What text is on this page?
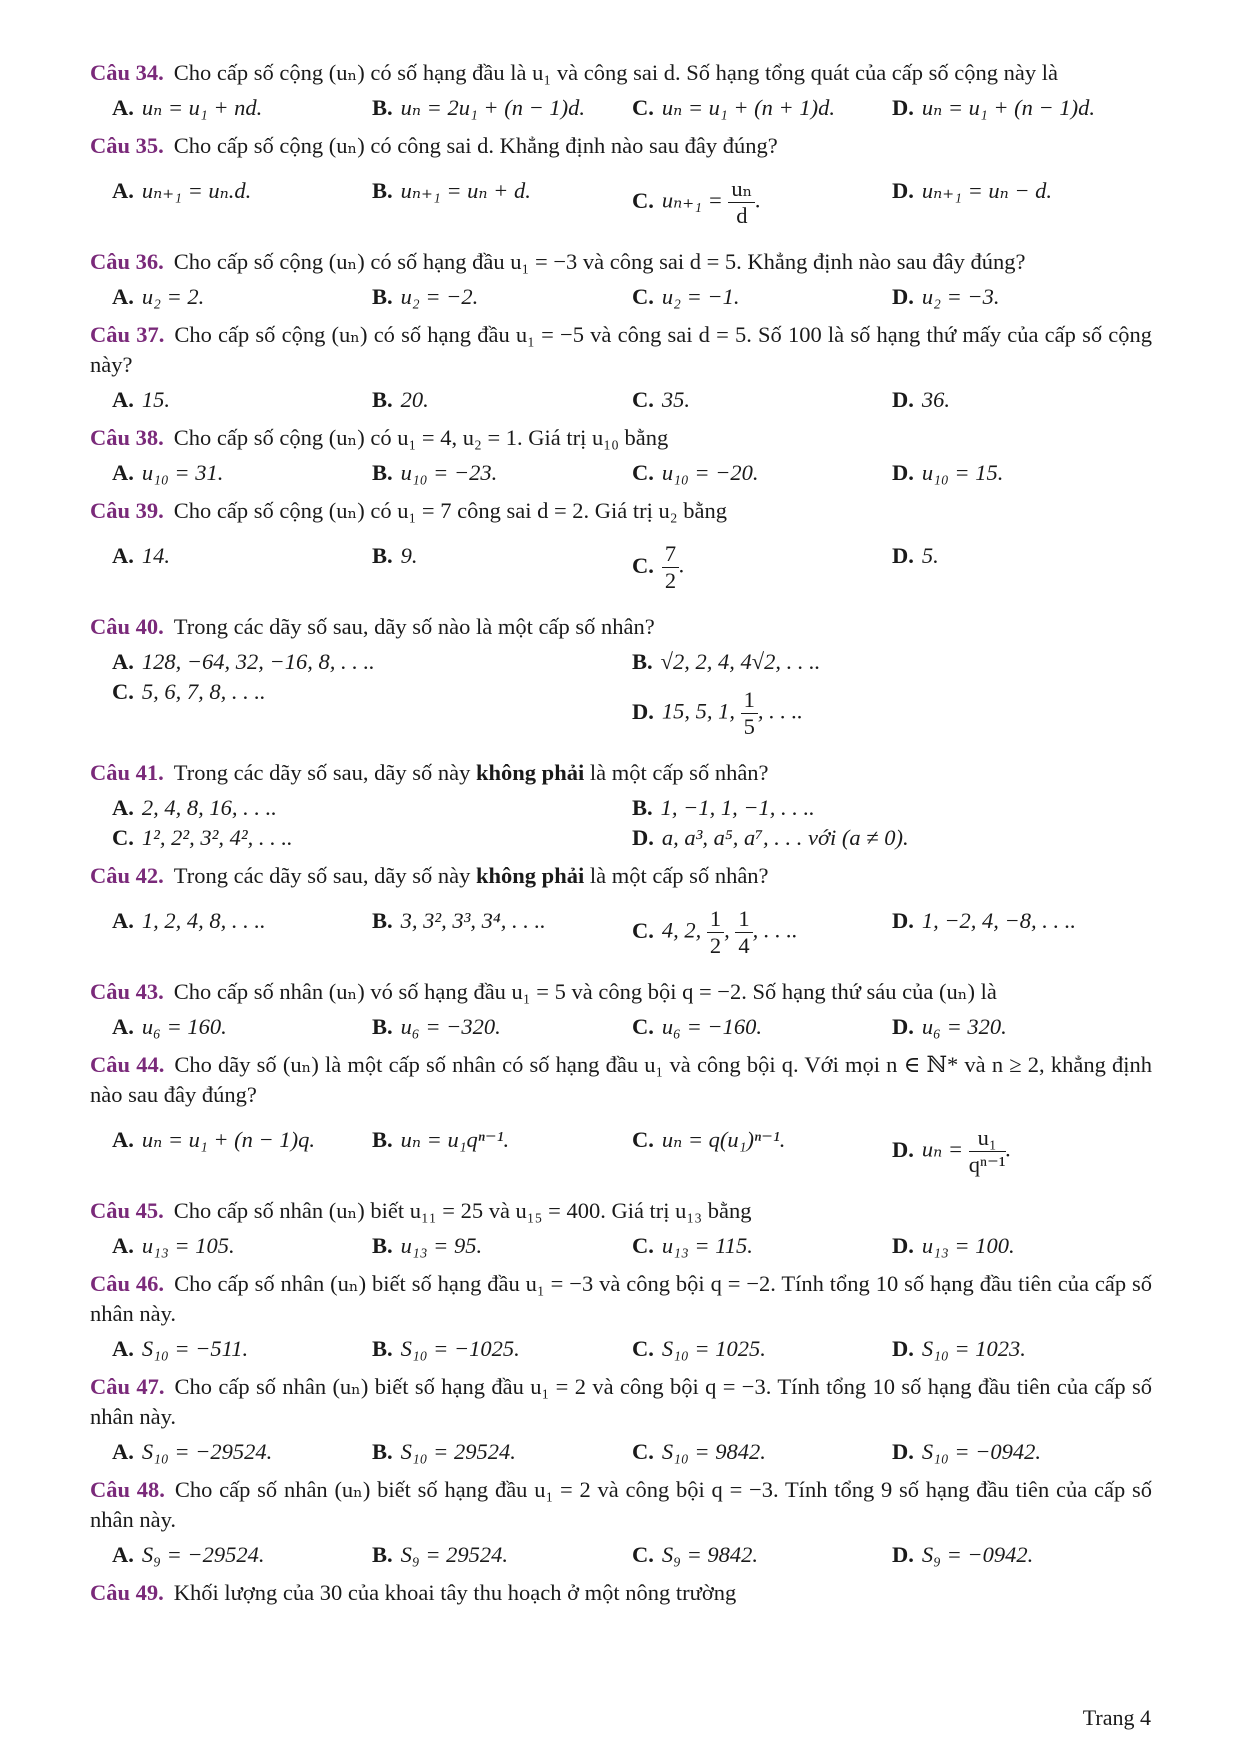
Câu 34. Cho cấp số cộng (uₙ) có số hạng đầu là u₁ và công sai d. Số hạng tổng quát của cấp số cộng này là
A. uₙ = u₁ + nd.	B. uₙ = 2u₁ + (n − 1)d.	C. uₙ = u₁ + (n + 1)d.	D. uₙ = u₁ + (n − 1)d.
Câu 35. Cho cấp số cộng (uₙ) có công sai d. Khẳng định nào sau đây đúng?
A. uₙ₊₁ = uₙ.d.	B. uₙ₊₁ = uₙ + d.	C. $u_{n+1} = \frac{\text{uₙ}}{d}$ .	D. uₙ₊₁ = uₙ − d.
Câu 36. Cho cấp số cộng (uₙ) có số hạng đầu u₁ = −3 và công sai d = 5. Khẳng định nào sau đây đúng?
A. u₂ = 2.	B. u₂ = −2.	C. u₂ = −1.	D. u₂ = −3.
Câu 37. Cho cấp số cộng (uₙ) có số hạng đầu u₁ = −5 và công sai d = 5. Số 100 là số hạng thứ mấy của cấp số cộng này?
A. 15.	B. 20.	C. 35.	D. 36.
Câu 38. Cho cấp số cộng (uₙ) có u₁ = 4, u₂ = 1. Giá trị u₁₀ bằng
A. u₁₀ = 31.	B. u₁₀ = −23.	C. u₁₀ = −20.	D. u₁₀ = 15.
Câu 39. Cho cấp số cộng (uₙ) có u₁ = 7 công sai d = 2. Giá trị u₂ bằng
A. 14.	B. 9.	C. $\frac{7}{2}$ .	D. 5.
Câu 40. Trong các dãy số sau, dãy số nào là một cấp số nhân?
A. 128, −64, 32, −16, 8, . . ..	B. √2, 2, 4, 4√2, . . ..
C. 5, 6, 7, 8, . . ..
D. 15, 5, 1, $\frac{1}{5}$ , . . ..
Câu 41. Trong các dãy số sau, dãy số này không phải là một cấp số nhân?
A. 2, 4, 8, 16, . . ..	B. 1, −1, 1, −1, . . ..
C. 1², 2², 3², 4², . . ..	D. a, a³, a⁵, a⁷, . . . với (a ≠ 0).
Câu 42. Trong các dãy số sau, dãy số này không phải là một cấp số nhân?
A. 1, 2, 4, 8, . . ..	B. 3, 3², 3³, 3⁴, . . ..	C. 4, 2, $\frac{1}{2}$ , $\frac{1}{4}$ , . . ..	D. 1, −2, 4, −8, . . ..
Câu 43. Cho cấp số nhân (uₙ) vó số hạng đầu u₁ = 5 và công bội q = −2. Số hạng thứ sáu của (uₙ) là
A. u₆ = 160.	B. u₆ = −320.	C. u₆ = −160.	D. u₆ = 320.
Câu 44. Cho dãy số (uₙ) là một cấp số nhân có số hạng đầu u₁ và công bội q. Với mọi n ∈ ℕ* và n ≥ 2, khẳng định nào sau đây đúng?
A. uₙ = u₁ + (n − 1)q.	B. uₙ = u₁qⁿ⁻¹.	C. uₙ = q(u₁)ⁿ⁻¹.	D. $u_n = \frac{\text{u₁}}{\text{qⁿ⁻¹}}$ .
Câu 45. Cho cấp số nhân (uₙ) biết u₁₁ = 25 và u₁₅ = 400. Giá trị u₁₃ bằng
A. u₁₃ = 105.	B. u₁₃ = 95.	C. u₁₃ = 115.	D. u₁₃ = 100.
Câu 46. Cho cấp số nhân (uₙ) biết số hạng đầu u₁ = −3 và công bội q = −2. Tính tổng 10 số hạng đầu tiên của cấp số nhân này.
A. S₁₀ = −511.	B. S₁₀ = −1025.	C. S₁₀ = 1025.	D. S₁₀ = 1023.
Câu 47. Cho cấp số nhân (uₙ) biết số hạng đầu u₁ = 2 và công bội q = −3. Tính tổng 10 số hạng đầu tiên của cấp số nhân này.
A. S₁₀ = −29524.	B. S₁₀ = 29524.	C. S₁₀ = 9842.	D. S₁₀ = −0942.
Câu 48. Cho cấp số nhân (uₙ) biết số hạng đầu u₁ = 2 và công bội q = −3. Tính tổng 9 số hạng đầu tiên của cấp số nhân này.
A. S₉ = −29524.	B. S₉ = 29524.	C. S₉ = 9842.	D. S₉ = −0942.
Câu 49. Khối lượng của 30 của khoai tây thu hoạch ở một nông trường
Trang 4
